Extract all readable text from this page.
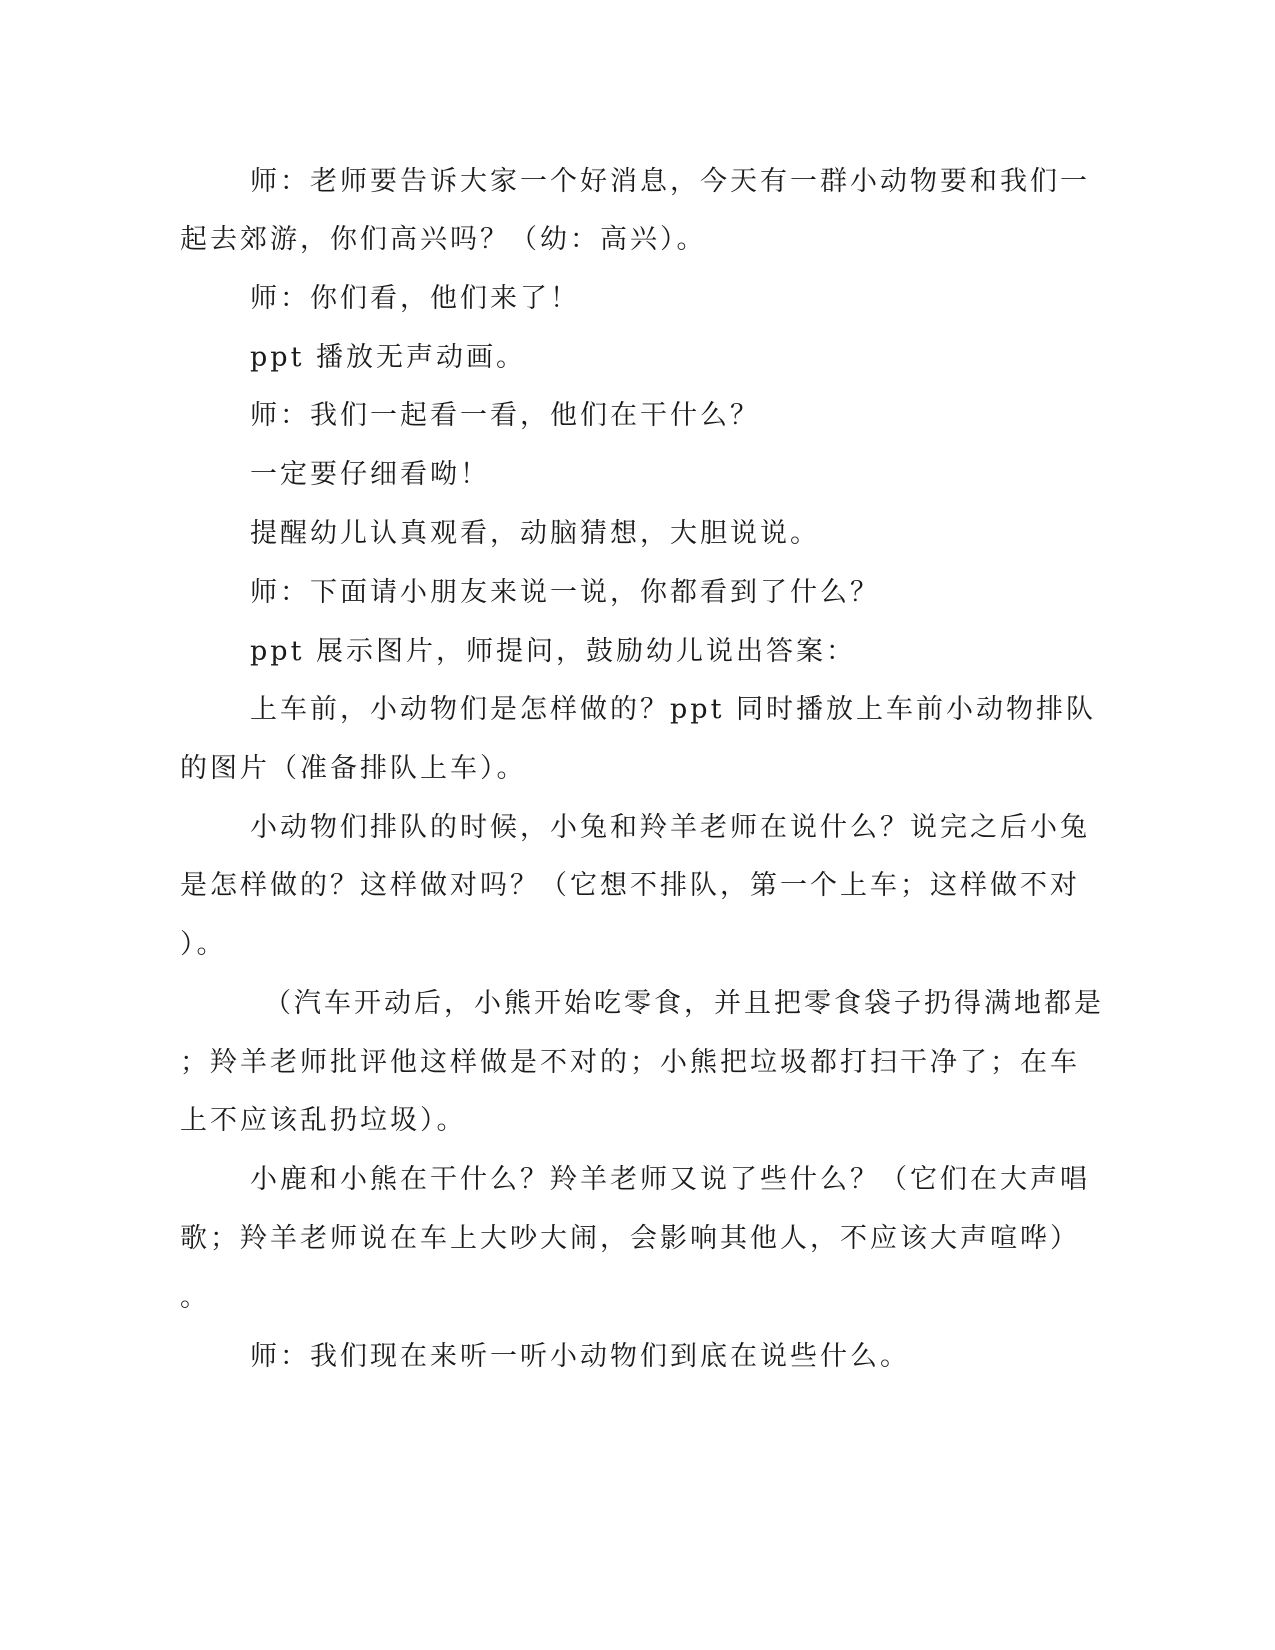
师：老师要告诉大家一个好消息，今天有一群小动物要和我们一
起去郊游，你们高兴吗？（幼：高兴）。
师：你们看，他们来了！
ppt 播放无声动画。
师：我们一起看一看，他们在干什么？
一定要仔细看呦！
提醒幼儿认真观看，动脑猜想，大胆说说。
师：下面请小朋友来说一说，你都看到了什么？
ppt 展示图片，师提问，鼓励幼儿说出答案：
上车前，小动物们是怎样做的？ppt 同时播放上车前小动物排队
的图片（准备排队上车）。
小动物们排队的时候，小兔和羚羊老师在说什么？说完之后小兔
是怎样做的？这样做对吗？（它想不排队，第一个上车；这样做不对
）。
（汽车开动后，小熊开始吃零食，并且把零食袋子扔得满地都是
；羚羊老师批评他这样做是不对的；小熊把垃圾都打扫干净了；在车
上不应该乱扔垃圾）。
小鹿和小熊在干什么？羚羊老师又说了些什么？（它们在大声唱
歌；羚羊老师说在车上大吵大闹，会影响其他人，不应该大声喧哗）
。
师：我们现在来听一听小动物们到底在说些什么。
